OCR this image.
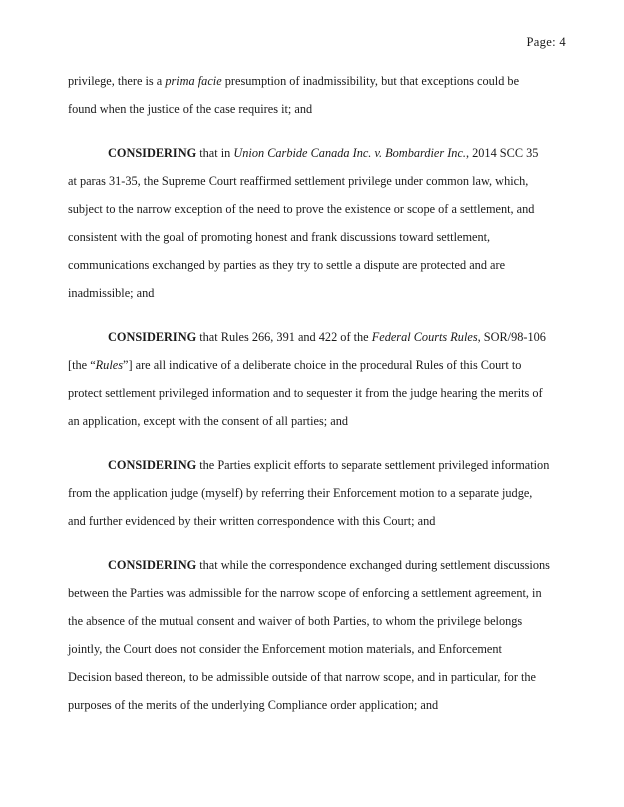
Page: 4
privilege, there is a prima facie presumption of inadmissibility, but that exceptions could be
found when the justice of the case requires it; and
CONSIDERING that in Union Carbide Canada Inc. v. Bombardier Inc., 2014 SCC 35
at paras 31-35, the Supreme Court reaffirmed settlement privilege under common law, which,
subject to the narrow exception of the need to prove the existence or scope of a settlement, and
consistent with the goal of promoting honest and frank discussions toward settlement,
communications exchanged by parties as they try to settle a dispute are protected and are
inadmissible; and
CONSIDERING that Rules 266, 391 and 422 of the Federal Courts Rules, SOR/98-106
[the “Rules”] are all indicative of a deliberate choice in the procedural Rules of this Court to
protect settlement privileged information and to sequester it from the judge hearing the merits of
an application, except with the consent of all parties; and
CONSIDERING the Parties explicit efforts to separate settlement privileged information
from the application judge (myself) by referring their Enforcement motion to a separate judge,
and further evidenced by their written correspondence with this Court; and
CONSIDERING that while the correspondence exchanged during settlement discussions
between the Parties was admissible for the narrow scope of enforcing a settlement agreement, in
the absence of the mutual consent and waiver of both Parties, to whom the privilege belongs
jointly, the Court does not consider the Enforcement motion materials, and Enforcement
Decision based thereon, to be admissible outside of that narrow scope, and in particular, for the
purposes of the merits of the underlying Compliance order application; and
